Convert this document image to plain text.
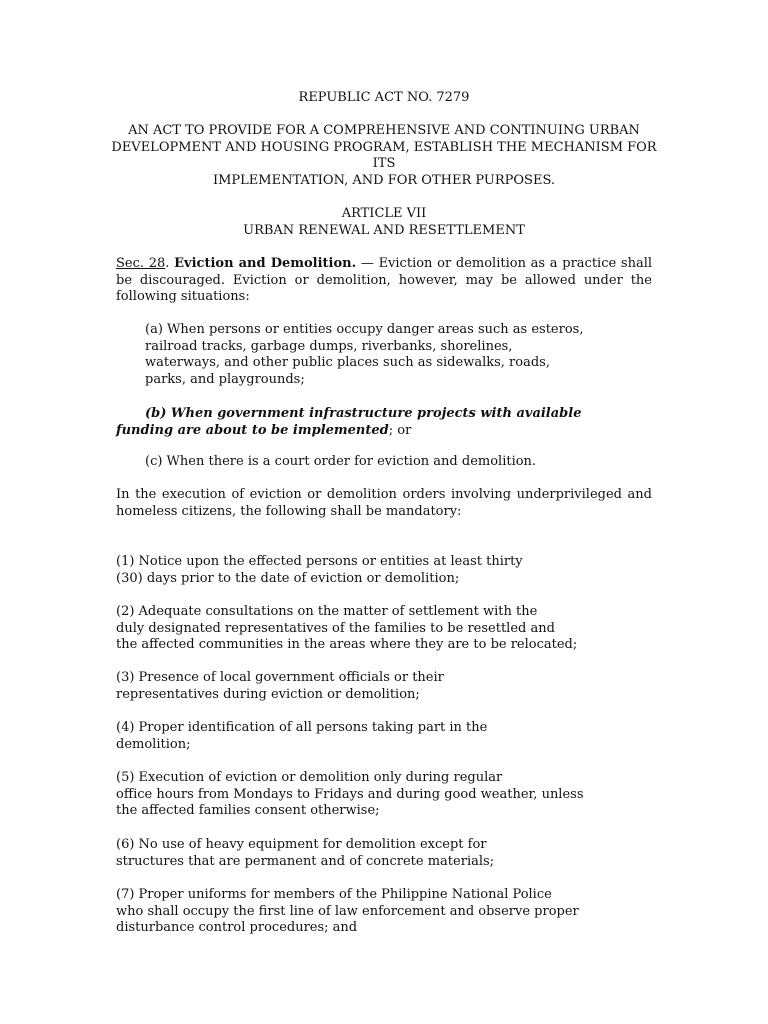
REPUBLIC ACT NO. 7279
AN ACT TO PROVIDE FOR A COMPREHENSIVE AND CONTINUING URBAN
DEVELOPMENT AND HOUSING PROGRAM, ESTABLISH THE MECHANISM FOR ITS
IMPLEMENTATION, AND FOR OTHER PURPOSES.
ARTICLE VII
URBAN RENEWAL AND RESETTLEMENT

Sec. 28. Eviction and Demolition. — Eviction or demolition as a practice shall be discouraged. Eviction or demolition, however, may be allowed under the following situations:

(a) When persons or entities occupy danger areas such as esteros,
railroad tracks, garbage dumps, riverbanks, shorelines,
waterways, and other public places such as sidewalks, roads,
parks, and playgrounds;

(b) When government infrastructure projects with available
funding are about to be implemented; or

(c) When there is a court order for eviction and demolition.

In the execution of eviction or demolition orders involving underprivileged and homeless citizens, the following shall be mandatory:

(1) Notice upon the effected persons or entities at least thirty
(30) days prior to the date of eviction or demolition;

(2) Adequate consultations on the matter of settlement with the
duly designated representatives of the families to be resettled and
the affected communities in the areas where they are to be relocated;

(3) Presence of local government officials or their
representatives during eviction or demolition;

(4) Proper identification of all persons taking part in the
demolition;

(5) Execution of eviction or demolition only during regular
office hours from Mondays to Fridays and during good weather, unless
the affected families consent otherwise;

(6) No use of heavy equipment for demolition except for
structures that are permanent and of concrete materials;

(7) Proper uniforms for members of the Philippine National Police
who shall occupy the first line of law enforcement and observe proper
disturbance control procedures; and
